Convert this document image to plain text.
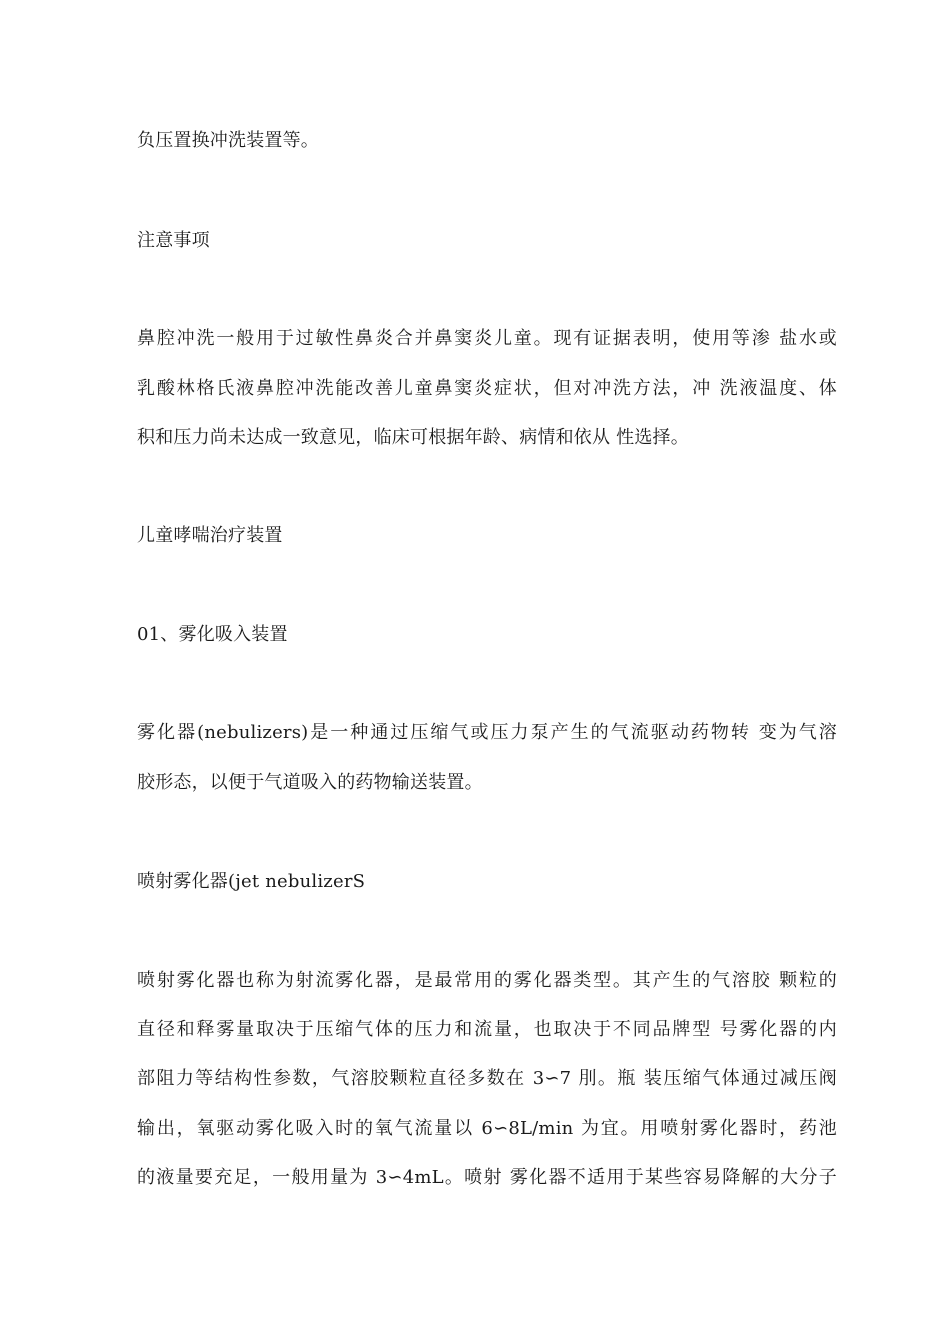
负压置换冲洗装置等。
注意事项
鼻腔冲洗一般用于过敏性鼻炎合并鼻窦炎儿童。现有证据表明，使用等渗 盐水或
乳酸林格氏液鼻腔冲洗能改善儿童鼻窦炎症状，但对冲洗方法，冲 洗液温度、体
积和压力尚未达成一致意见，临床可根据年龄、病情和依从 性选择。
儿童哮喘治疗装置
01、雾化吸入装置
雾化器(nebulizers)是一种通过压缩气或压力泵产生的气流驱动药物转 变为气溶
胶形态，以便于气道吸入的药物输送装置。
喷射雾化器(jet nebulizerS
喷射雾化器也称为射流雾化器，是最常用的雾化器类型。其产生的气溶胶 颗粒的
直径和释雾量取决于压缩气体的压力和流量，也取决于不同品牌型 号雾化器的内
部阻力等结构性参数，气溶胶颗粒直径多数在 3∽7 刖。瓶 装压缩气体通过减压阀
输出，氧驱动雾化吸入时的氧气流量以 6∽8L/min 为宜。用喷射雾化器时，药池
的液量要充足，一般用量为 3∽4mL。喷射 雾化器不适用于某些容易降解的大分子
